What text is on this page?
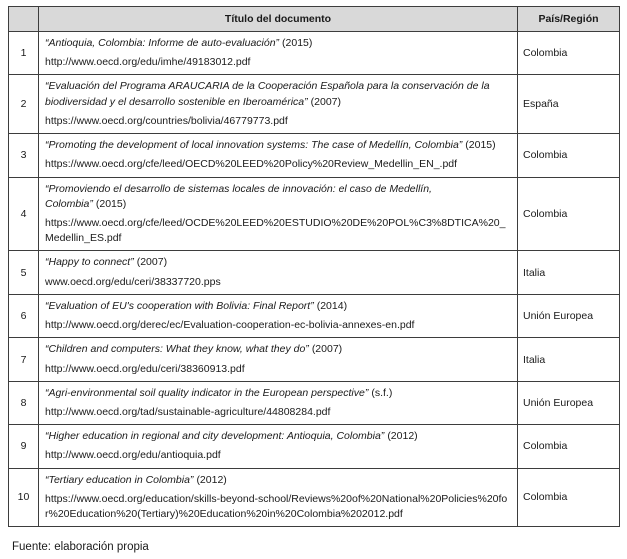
	Título del documento	País/Región
1	“Antioquia, Colombia: Informe de auto-evaluación” (2015)
http://www.oecd.org/edu/imhe/49183012.pdf	Colombia
2	“Evaluación del Programa ARAUCARIA de la Cooperación Española para la conservación de la biodiversidad y el desarrollo sostenible en Iberoamérica” (2007)
https://www.oecd.org/countries/bolivia/46779773.pdf	España
3	“Promoting the development of local innovation systems: The case of Medellín, Colombia” (2015)
https://www.oecd.org/cfe/leed/OECD%20LEED%20Policy%20Review_Medellin_EN_.pdf	Colombia
4	“Promoviendo el desarrollo de sistemas locales de innovación: el caso de Medellín, Colombia” (2015)
https://www.oecd.org/cfe/leed/OCDE%20LEED%20ESTUDIO%20DE%20POL%C3%8DTICA%20_Medellin_ES.pdf	Colombia
5	“Happy to connect” (2007)
www.oecd.org/edu/ceri/38337720.pps	Italia
6	“Evaluation of EU's cooperation with Bolivia: Final Report” (2014)
http://www.oecd.org/derec/ec/Evaluation-cooperation-ec-bolivia-annexes-en.pdf	Unión Europea
7	“Children and computers: What they know, what they do” (2007)
http://www.oecd.org/edu/ceri/38360913.pdf	Italia
8	“Agri-environmental soil quality indicator in the European perspective” (s.f.)
http://www.oecd.org/tad/sustainable-agriculture/44808284.pdf	Unión Europea
9	“Higher education in regional and city development: Antioquia, Colombia” (2012)
http://www.oecd.org/edu/antioquia.pdf	Colombia
10	“Tertiary education in Colombia” (2012)
https://www.oecd.org/education/skills-beyond-school/Reviews%20of%20National%20Policies%20for%20Education%20(Tertiary)%20Education%20in%20Colombia%202012.pdf	Colombia
Fuente: elaboración propia
